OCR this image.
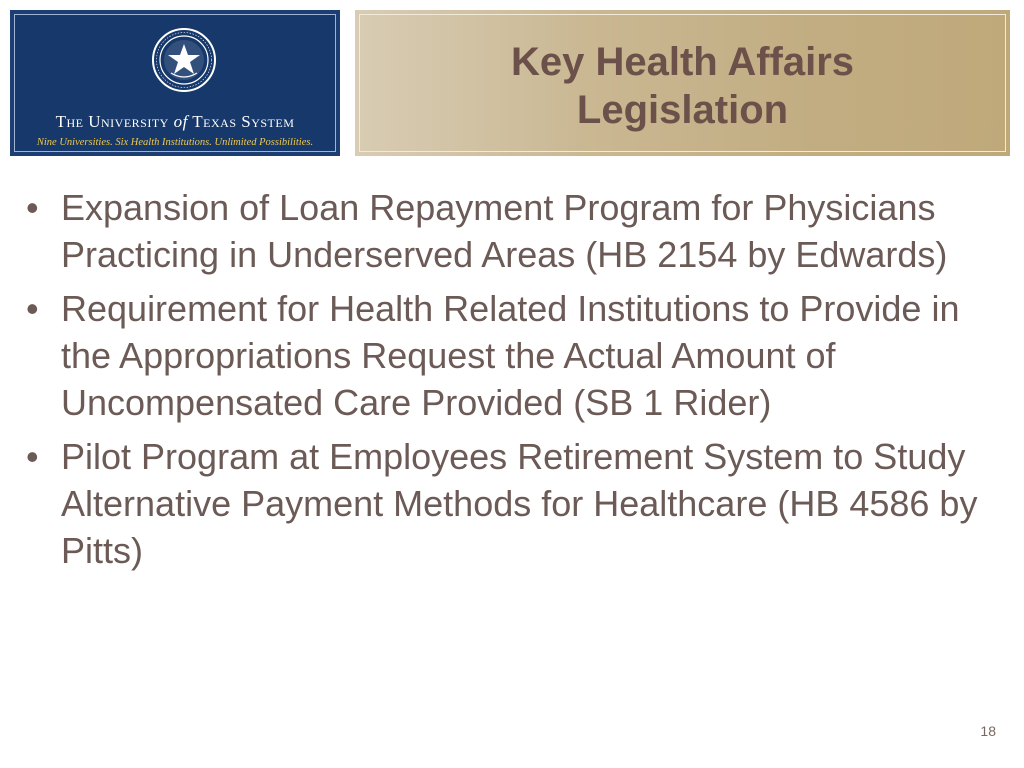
The University of Texas System
Nine Universities. Six Health Institutions. Unlimited Possibilities.
Key Health Affairs
Legislation
• Expansion of Loan Repayment Program for Physicians Practicing in Underserved Areas (HB 2154 by Edwards)
• Requirement for Health Related Institutions to Provide in the Appropriations Request the Actual Amount of Uncompensated Care Provided (SB 1 Rider)
• Pilot Program at Employees Retirement System to Study Alternative Payment Methods for Healthcare (HB 4586 by Pitts)
18
